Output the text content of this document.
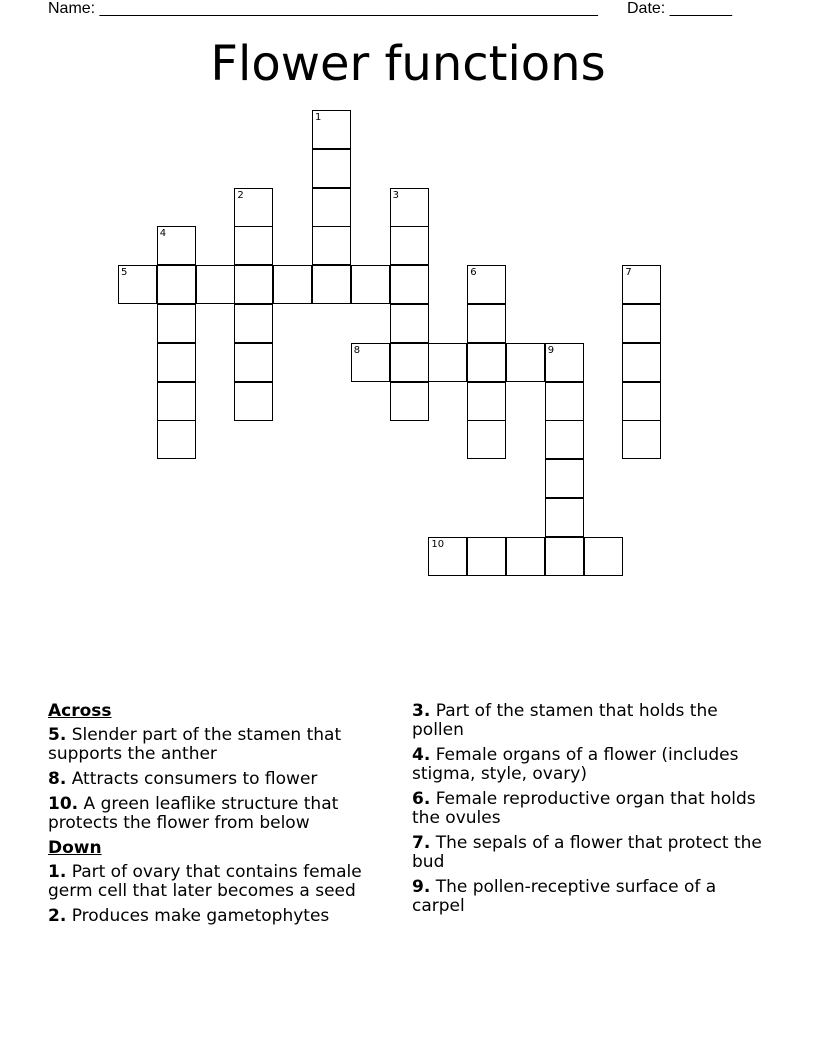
Name: ________________________________________________________ Date: _______
Flower functions
1
2	3
4
5	6	7
8	9
10
Across
5. Slender part of the stamen that supports the anther
8. Attracts consumers to flower
10. A green leaflike structure that protects the flower from below
Down
1. Part of ovary that contains female germ cell that later becomes a seed
2. Produces make gametophytes
3. Part of the stamen that holds the pollen
4. Female organs of a flower (includes stigma, style, ovary)
6. Female reproductive organ that holds the ovules
7. The sepals of a flower that protect the bud
9. The pollen-receptive surface of a carpel
